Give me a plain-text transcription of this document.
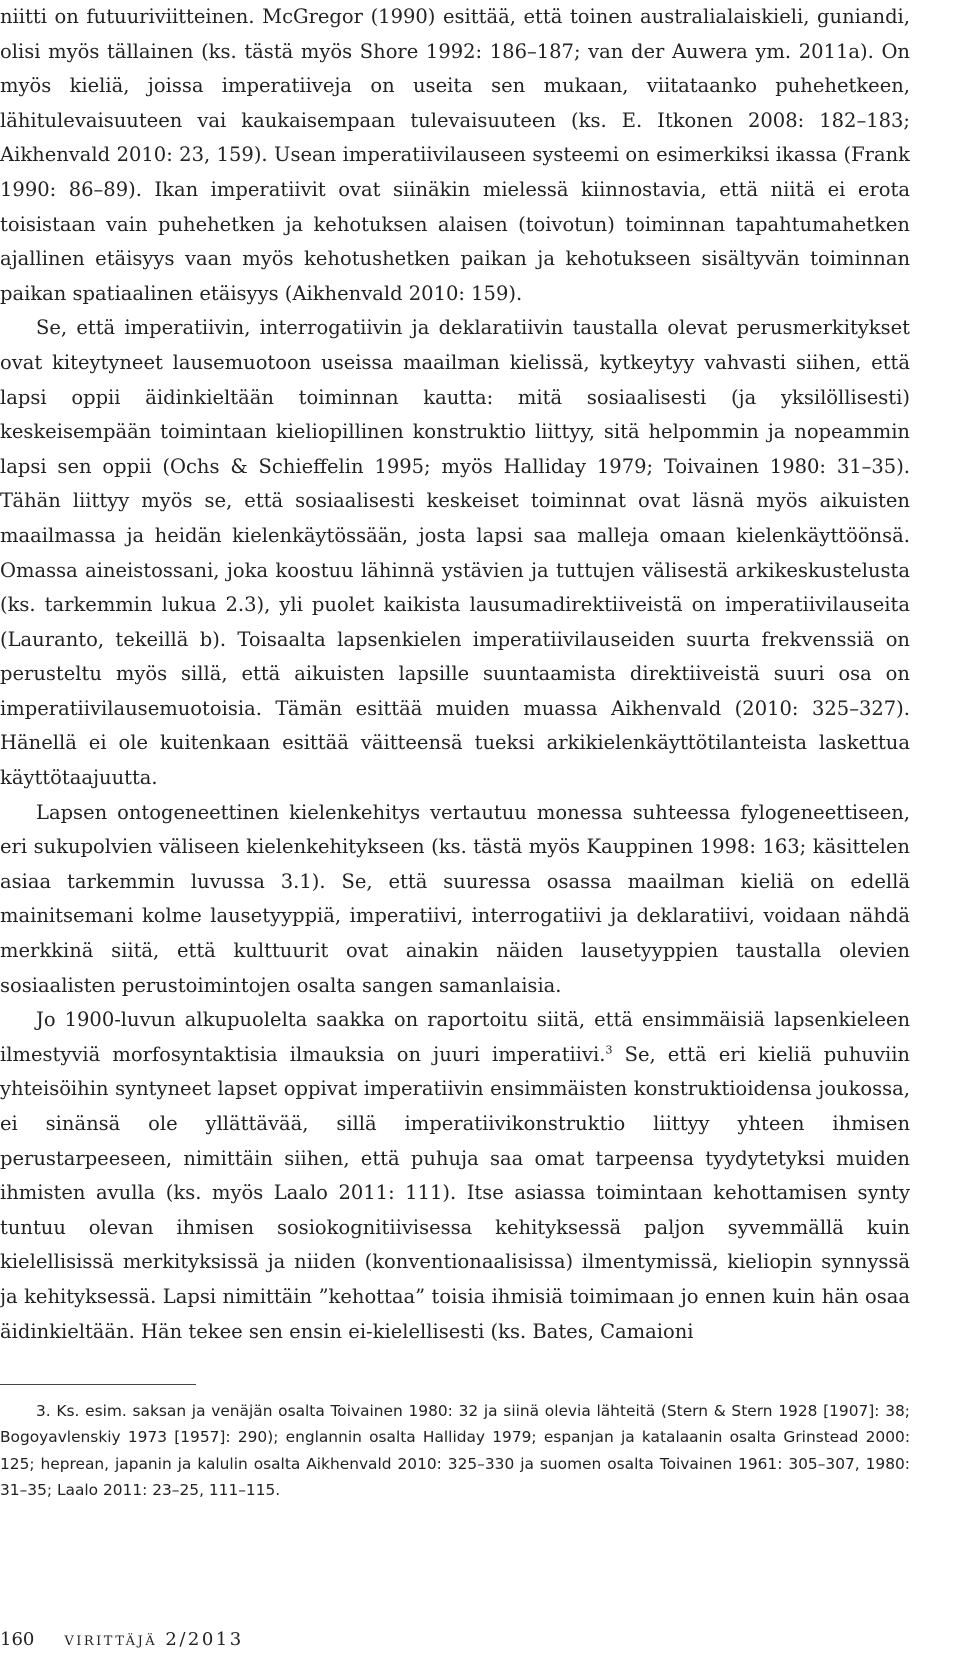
niitti on futuuriviitteinen. McGregor (1990) esittää, että toinen australialaiskieli, guniandi, olisi myös tällainen (ks. tästä myös Shore 1992: 186–187; van der Auwera ym. 2011a). On myös kieliä, joissa imperatiiveja on useita sen mukaan, viitataanko puhehetkeen, lähitulevaisuuteen vai kaukaisempaan tulevaisuuteen (ks. E. Itkonen 2008: 182–183; Aikhenvald 2010: 23, 159). Usean imperatiivilauseen systeemi on esimerkiksi ikassa (Frank 1990: 86–89). Ikan imperatiivit ovat siinäkin mielessä kiinnostavia, että niitä ei erota toisistaan vain puhehetken ja kehotuksen alaisen (toivotun) toiminnan tapahtumahetken ajallinen etäisyys vaan myös kehotushetken paikan ja kehotukseen sisältyvän toiminnan paikan spatiaalinen etäisyys (Aikhenvald 2010: 159).

Se, että imperatiivin, interrogatiivin ja deklaratiivin taustalla olevat perusmerkitykset ovat kiteytyneet lausemuotoon useissa maailman kielissä, kytkeytyy vahvasti siihen, että lapsi oppii äidinkieltään toiminnan kautta: mitä sosiaalisesti (ja yksilöllisesti) keskeisempään toimintaan kieliopillinen konstruktio liittyy, sitä helpommin ja nopeammin lapsi sen oppii (Ochs & Schieffelin 1995; myös Halliday 1979; Toivainen 1980: 31–35). Tähän liittyy myös se, että sosiaalisesti keskeiset toiminnat ovat läsnä myös aikuisten maailmassa ja heidän kielenkäytössään, josta lapsi saa malleja omaan kielenkäyttöönsä. Omassa aineistossani, joka koostuu lähinnä ystävien ja tuttujen välisestä arkikeskustelusta (ks. tarkemmin lukua 2.3), yli puolet kaikista lausumadirektiiveistä on imperatiivilauseita (Lauranto, tekeillä b). Toisaalta lapsenkielen imperatiivilauseiden suurta frekvenssiä on perusteltu myös sillä, että aikuisten lapsille suuntaamista direktiiveistä suuri osa on imperatiivilausemuotoisia. Tämän esittää muiden muassa Aikhenvald (2010: 325–327). Hänellä ei ole kuitenkaan esittää väitteensä tueksi arkikielenkäyttötilanteista laskettua käyttötaajuutta.

Lapsen ontogeneettinen kielenkehitys vertautuu monessa suhteessa fylogeneettiseen, eri sukupolvien väliseen kielenkehitykseen (ks. tästä myös Kauppinen 1998: 163; käsittelen asiaa tarkemmin luvussa 3.1). Se, että suuressa osassa maailman kieliä on edellä mainitsemani kolme lausetyyppiä, imperatiivi, interrogatiivi ja deklaratiivi, voidaan nähdä merkkinä siitä, että kulttuurit ovat ainakin näiden lausetyyppien taustalla olevien sosiaalisten perustoimintojen osalta sangen samanlaisia.

Jo 1900-luvun alkupuolelta saakka on raportoitu siitä, että ensimmäisiä lapsenkieleen ilmestyviä morfosyntaktisia ilmauksia on juuri imperatiivi.$^3$ Se, että eri kieliä puhuviin yhteisöihin syntyneet lapset oppivat imperatiivin ensimmäisten konstruktioidensa joukossa, ei sinänsä ole yllättävää, sillä imperatiivikonstruktio liittyy yhteen ihmisen perustarpeeseen, nimittäin siihen, että puhuja saa omat tarpeensa tyydytetyksi muiden ihmisten avulla (ks. myös Laalo 2011: 111). Itse asiassa toimintaan kehottamisen synty tuntuu olevan ihmisen sosiokognitiivisessa kehityksessä paljon syvemmällä kuin kielellisissä merkityksissä ja niiden (konventionaalisissa) ilmentymissä, kieliopin synnyssä ja kehityksessä. Lapsi nimittäin ”kehottaa” toisia ihmisiä toimimaan jo ennen kuin hän osaa äidinkieltään. Hän tekee sen ensin ei-kielellisesti (ks. Bates, Camaioni

3. Ks. esim. saksan ja venäjän osalta Toivainen 1980: 32 ja siinä olevia lähteitä (Stern & Stern 1928 [1907]: 38; Bogoyavlenskiy 1973 [1957]: 290); englannin osalta Halliday 1979; espanjan ja katalaanin osalta Grinstead 2000: 125; heprean, japanin ja kalulin osalta Aikhenvald 2010: 325–330 ja suomen osalta Toivainen 1961: 305–307, 1980: 31–35; Laalo 2011: 23–25, 111–115.

160 virittäjä 2/2013
